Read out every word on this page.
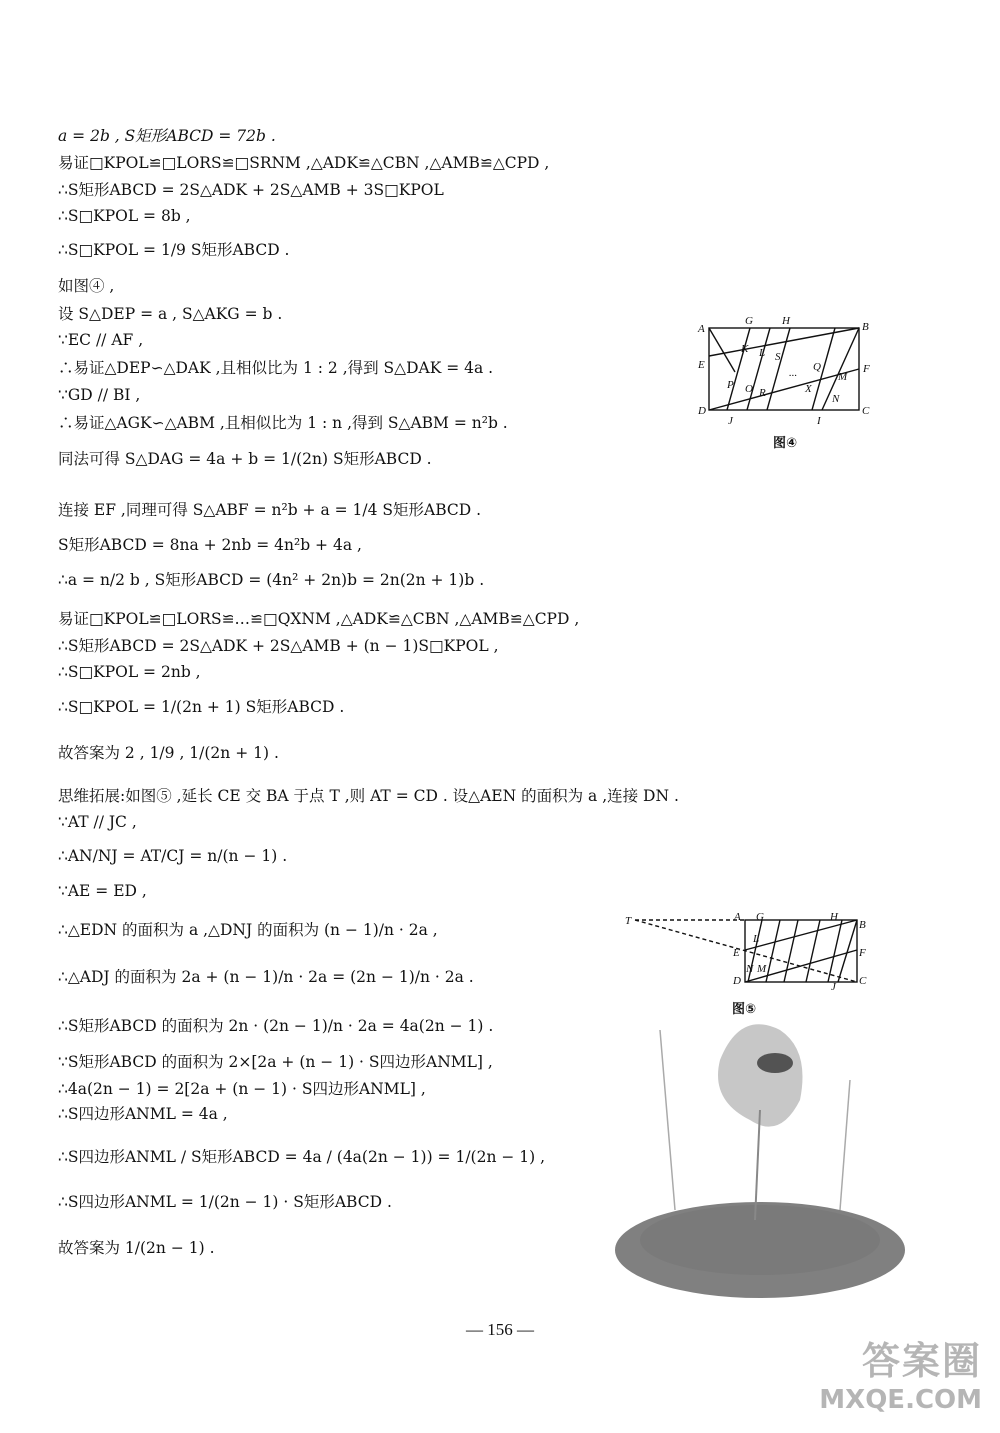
a = 2b , S矩形ABCD = 72b .
易证□KPOL≌□LORS≌□SRNM ,△ADK≌△CBN ,△AMB≌△CPD ,
∴S矩形ABCD = 2S△ADK + 2S△AMB + 3S□KPOL
∴S□KPOL = 8b ,
∴S□KPOL = 1/9 S矩形ABCD .
如图④ ,
设 S△DEP = a , S△AKG = b .
∵EC // AF ,
∴易证△DEP∽△DAK ,且相似比为 1 : 2 ,得到 S△DAK = 4a .
∵GD // BI ,
∴易证△AGK∽△ABM ,且相似比为 1 : n ,得到 S△ABM = n²b .
同法可得 S△DAG = 4a + b = 1/(2n) S矩形ABCD .
连接 EF ,同理可得 S△ABF = n²b + a = 1/4 S矩形ABCD .
S矩形ABCD = 8na + 2nb = 4n²b + 4a ,
∴a = n/2 b , S矩形ABCD = (4n² + 2n)b = 2n(2n + 1)b .
易证□KPOL≌□LORS≌…≌□QXNM ,△ADK≌△CBN ,△AMB≌△CPD ,
∴S矩形ABCD = 2S△ADK + 2S△AMB + (n − 1)S□KPOL ,
∴S□KPOL = 2nb ,
∴S□KPOL = 1/(2n + 1) S矩形ABCD .
故答案为 2 , 1/9 , 1/(2n + 1) .
思维拓展:如图⑤ ,延长 CE 交 BA 于点 T ,则 AT = CD . 设△AEN 的面积为 a ,连接 DN .
∵AT // JC ,
∴AN/NJ = AT/CJ = n/(n − 1) .
∵AE = ED ,
∴△EDN 的面积为 a ,△DNJ 的面积为 (n − 1)/n · 2a ,
∴△ADJ 的面积为 2a + (n − 1)/n · 2a = (2n − 1)/n · 2a .
∴S矩形ABCD 的面积为 2n · (2n − 1)/n · 2a = 4a(2n − 1) .
∵S矩形ABCD 的面积为 2×[2a + (n − 1) · S四边形ANML] ,
∴4a(2n − 1) = 2[2a + (n − 1) · S四边形ANML] ,
∴S四边形ANML = 4a ,
∴S四边形ANML / S矩形ABCD = 4a / (4a(2n − 1)) = 1/(2n − 1) ,
∴S四边形ANML = 1/(2n − 1) · S矩形ABCD .
故答案为 1/(2n − 1) .
A
G	H	B
E	F
D
J	I
C
K L S
... Q
M
P O R	X
N
图④
T	A G	H
B
E
L
F
D
N M
J C
图⑤
— 156 —
答案圈
MXQE.COM
